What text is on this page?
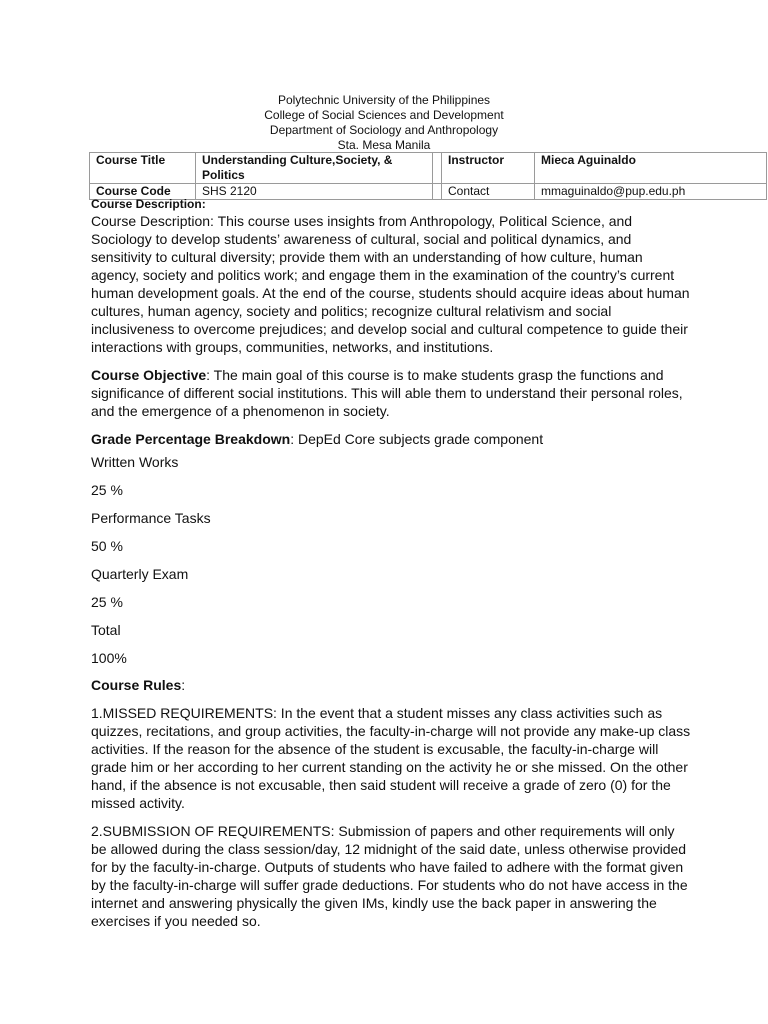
Polytechnic University of the Philippines
College of Social Sciences and Development
Department of Sociology and Anthropology
Sta. Mesa Manila
Course Title	Understanding Culture,Society, & Politics		Instructor	Mieca Aguinaldo
Course Code	SHS 2120		Contact	mmaguinaldo@pup.edu.ph
Course Description:

Course Description: This course uses insights from Anthropology, Political Science, and Sociology to develop students’ awareness of cultural, social and political dynamics, and sensitivity to cultural diversity; provide them with an understanding of how culture, human agency, society and politics work; and engage them in the examination of the country’s current human development goals. At the end of the course, students should acquire ideas about human cultures, human agency, society and politics; recognize cultural relativism and social inclusiveness to overcome prejudices; and develop social and cultural competence to guide their interactions with groups, communities, networks, and institutions.

Course Objective: The main goal of this course is to make students grasp the functions and significance of different social institutions. This will able them to understand their personal roles, and the emergence of a phenomenon in society.

Grade Percentage Breakdown: DepEd Core subjects grade component

Written Works

25 %

Performance Tasks

50 %

Quarterly Exam

25 %

Total

100%

Course Rules:

1.MISSED REQUIREMENTS: In the event that a student misses any class activities such as quizzes, recitations, and group activities, the faculty-in-charge will not provide any make-up class activities. If the reason for the absence of the student is excusable, the faculty-in-charge will grade him or her according to her current standing on the activity he or she missed. On the other hand, if the absence is not excusable, then said student will receive a grade of zero (0) for the missed activity.

2.SUBMISSION OF REQUIREMENTS: Submission of papers and other requirements will only be allowed during the class session/day, 12 midnight of the said date, unless otherwise provided for by the faculty-in-charge. Outputs of students who have failed to adhere with the format given by the faculty-in-charge will suffer grade deductions. For students who do not have access in the internet and answering physically the given IMs, kindly use the back paper in answering the exercises if you needed so.
